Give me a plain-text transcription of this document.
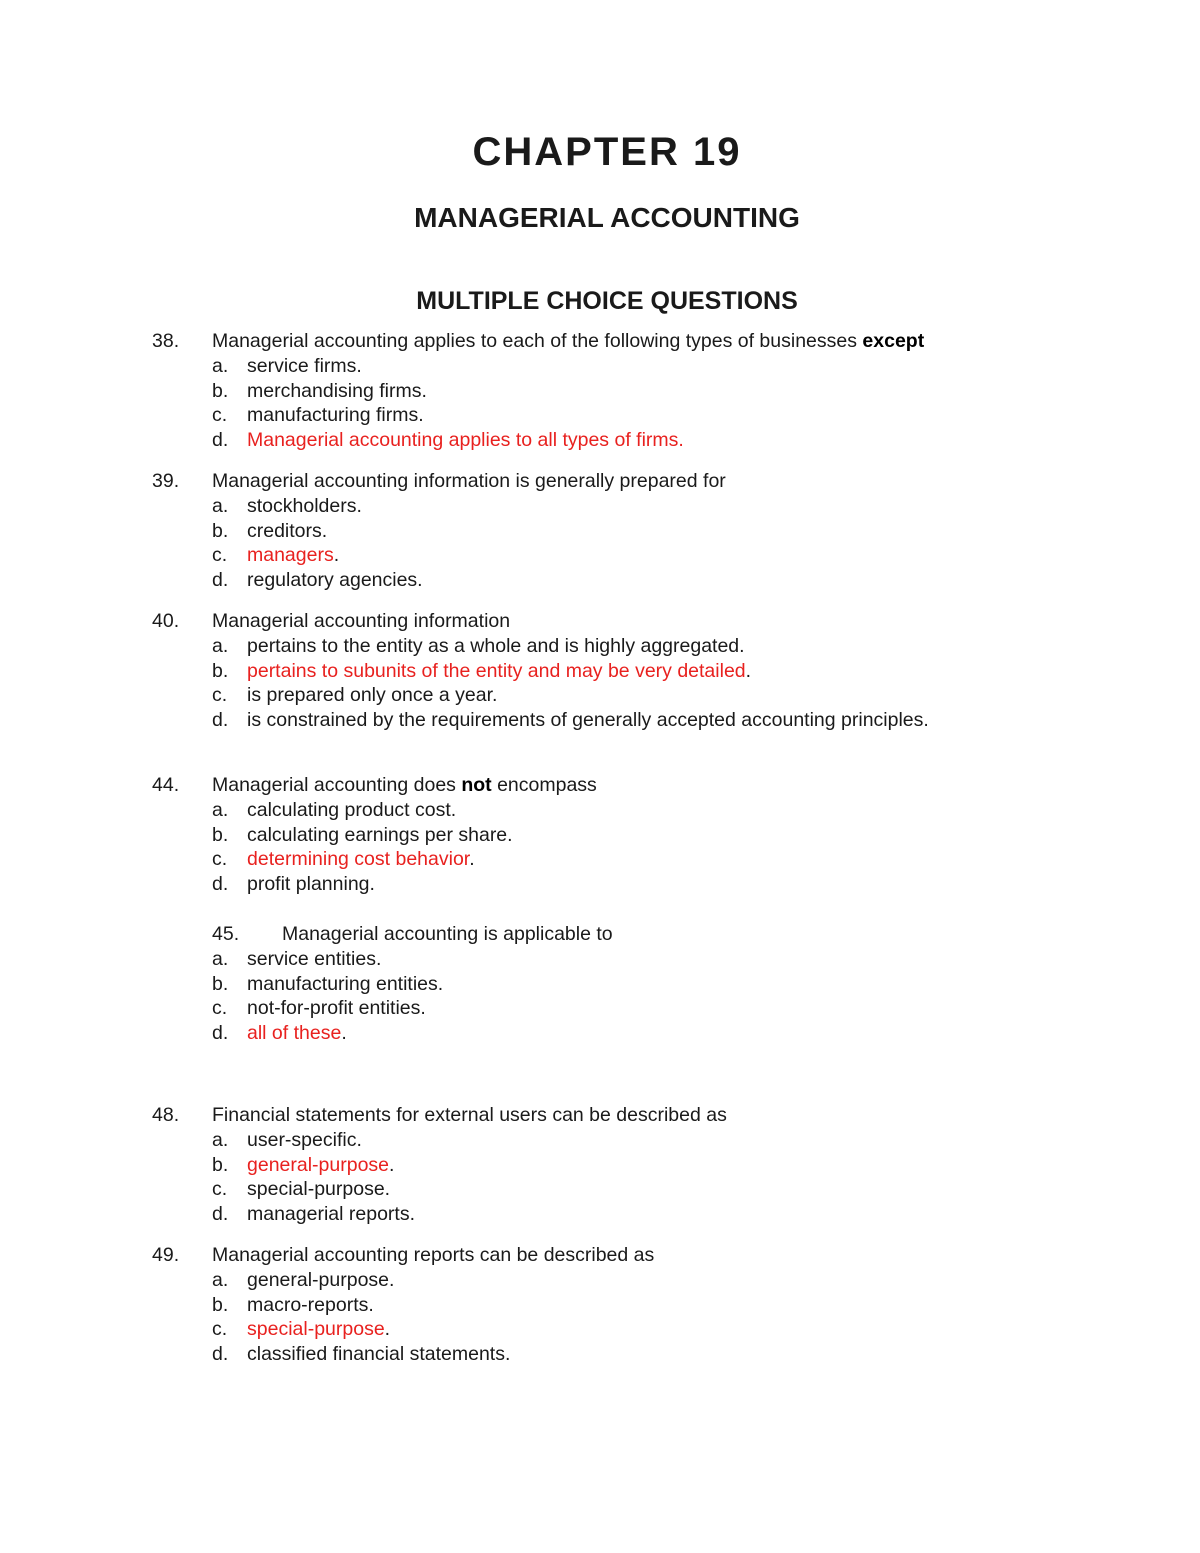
CHAPTER 19
MANAGERIAL ACCOUNTING
MULTIPLE CHOICE QUESTIONS
38. Managerial accounting applies to each of the following types of businesses except
a. service firms.
b. merchandising firms.
c. manufacturing firms.
d. Managerial accounting applies to all types of firms.
39. Managerial accounting information is generally prepared for
a. stockholders.
b. creditors.
c. managers.
d. regulatory agencies.
40. Managerial accounting information
a. pertains to the entity as a whole and is highly aggregated.
b. pertains to subunits of the entity and may be very detailed.
c. is prepared only once a year.
d. is constrained by the requirements of generally accepted accounting principles.
44. Managerial accounting does not encompass
a. calculating product cost.
b. calculating earnings per share.
c. determining cost behavior.
d. profit planning.
45. Managerial accounting is applicable to
a. service entities.
b. manufacturing entities.
c. not-for-profit entities.
d. all of these.
48. Financial statements for external users can be described as
a. user-specific.
b. general-purpose.
c. special-purpose.
d. managerial reports.
49. Managerial accounting reports can be described as
a. general-purpose.
b. macro-reports.
c. special-purpose.
d. classified financial statements.
